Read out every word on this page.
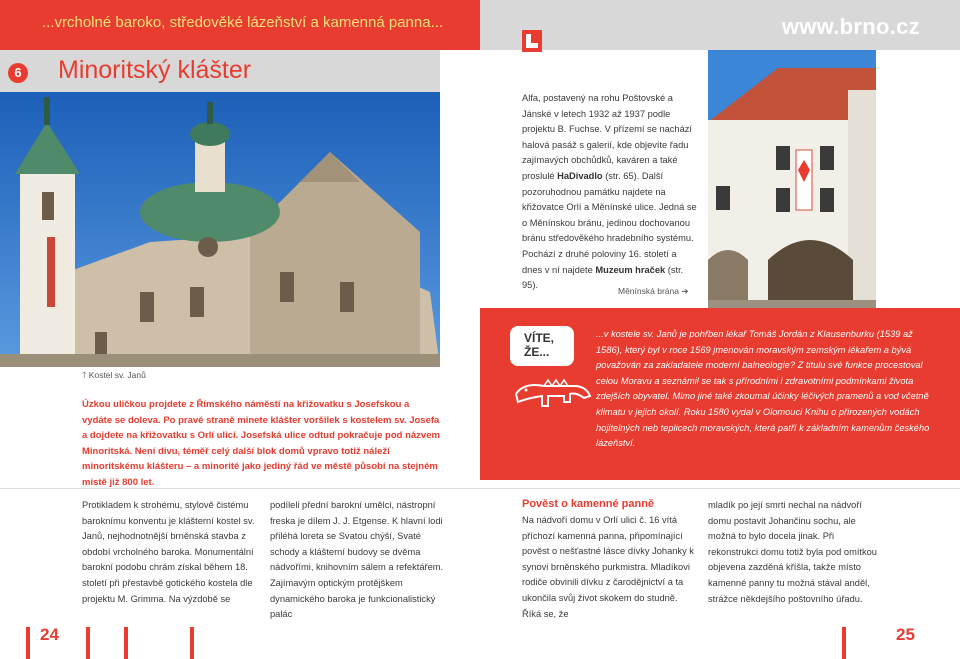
...vrcholné baroko, středověké lázeňství a kamenná panna...	www.brno.cz
6 Minoritský klášter
🡑 Kostel sv. Janů
Alfa, postavený na rohu Poštovské a Jánské v letech 1932 až 1937 podle projektu B. Fuchse. V přízemí se nachází halová pasáž s galerií, kde objevíte řadu zajímavých obchůdků, kaváren a také proslulé HaDivadlo (str. 65). Další pozoruhodnou památku najdete na křižovatce Orlí a Měnínské ulice. Jedná se o Měnínskou bránu, jedinou dochovanou bránu středověkého hradebního systému. Pochází z druhé poloviny 16. století a dnes v ní najdete Muzeum hraček (str. 95).
Měnínská brána ➔
VÍTE,
ŽE...
...v kostele sv. Janů je pohřben lékař Tomáš Jordán z Klausenburku (1539 až 1586), který byl v roce 1569 jmenován moravským zemským lékařem a bývá považován za zakladatele moderní balneologie? Z titulu své funkce procestoval celou Moravu a seznámil se tak s přírodními i zdravotními podmínkami života zdejších obyvatel. Mimo jiné také zkoumal účinky léčivých pramenů a vod včetně klimatu v jejich okolí. Roku 1580 vydal v Olomouci Knihu o přirozených vodách hojitelných neb teplicech moravských, která patří k základním kamenům českého lázeňství.
Úzkou uličkou projdete z Římského náměstí na křižovatku s Josefskou a vydáte se doleva. Po pravé straně minete klášter voršilek s kostelem sv. Josefa a dojdete na křižovatku s Orlí ulicí. Josefská ulice odtud pokračuje pod názvem Minoritská. Není divu, téměř celý další blok domů vpravo totiž náleží minoritskému klášteru – a minorité jako jediný řád ve městě působí na stejném místě již 800 let.
Protikladem k strohému, stylově čistému baroknímu konventu je klášterní kostel sv. Janů, nejhodnotnější brněnská stavba z období vrcholného baroka. Monumentální barokní podobu chrám získal během 18. století při přestavbě gotického kostela dle projektu M. Grimma. Na výzdobě se
podíleli přední barokní umělci, nástropní freska je dílem J. J. Etgense. K hlavní lodi přiléhá loreta se Svatou chýší, Svaté schody a klášterní budovy se dvěma nádvořími, knihovním sálem a refektářem. Zajímavým optickým protějškem dynamického baroka je funkcionalistický palác
Pověst o kamenné panně
Na nádvoří domu v Orlí ulici č. 16 vítá příchozí kamenná panna, připomínající pověst o nešťastné lásce dívky Johanky k synovi brněnského purkmistra. Mladíkovi rodiče obvinili dívku z čarodějnictví a ta ukončila svůj život skokem do studně. Říká se, že
mladík po její smrti nechal na nádvoří domu postavit Johančinu sochu, ale možná to bylo docela jinak. Při rekonstrukci domu totiž byla pod omítkou objevena zazděná kříšla, takže místo kamenné panny tu možná stával anděl, strážce někdejšího poštovního úřadu.
24	25
